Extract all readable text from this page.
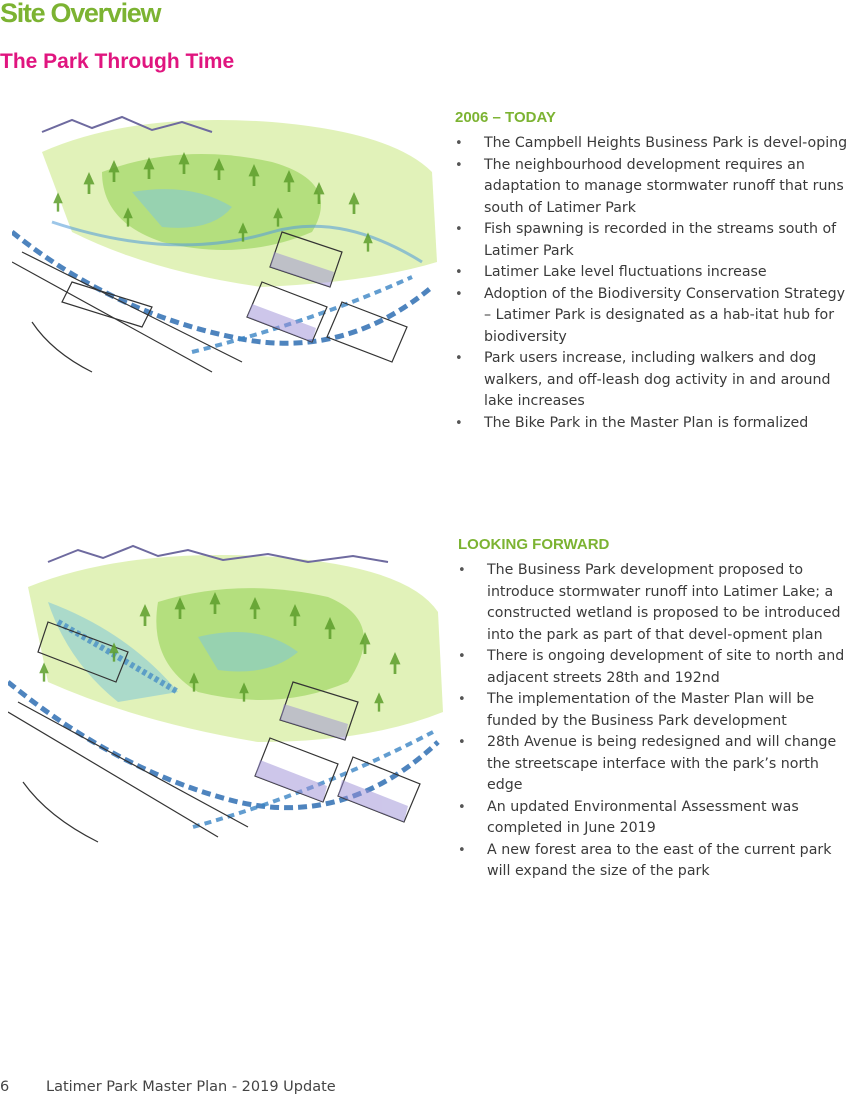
Site Overview
The Park Through Time
2006 – TODAY
• The Campbell Heights Business Park is devel-oping
• The neighbourhood development requires an adaptation to manage stormwater runoff that runs south of Latimer Park
• Fish spawning is recorded in the streams south of Latimer Park
• Latimer Lake level fluctuations increase
• Adoption of the Biodiversity Conservation Strategy – Latimer Park is designated as a hab-itat hub for biodiversity
• Park users increase, including walkers and dog walkers, and off-leash dog activity in and around lake increases
• The Bike Park in the Master Plan is formalized
LOOKING FORWARD
• The Business Park development proposed to introduce stormwater runoff into Latimer Lake; a constructed wetland is proposed to be introduced into the park as part of that devel-opment plan
• There is ongoing development of site to north and adjacent streets 28th and 192nd
• The implementation of the Master Plan will be funded by the Business Park development
• 28th Avenue is being redesigned and will change the streetscape interface with the park’s north edge
• An updated Environmental Assessment was completed in June 2019
• A new forest area to the east of the current park will expand the size of the park
6	Latimer Park Master Plan - 2019 Update
